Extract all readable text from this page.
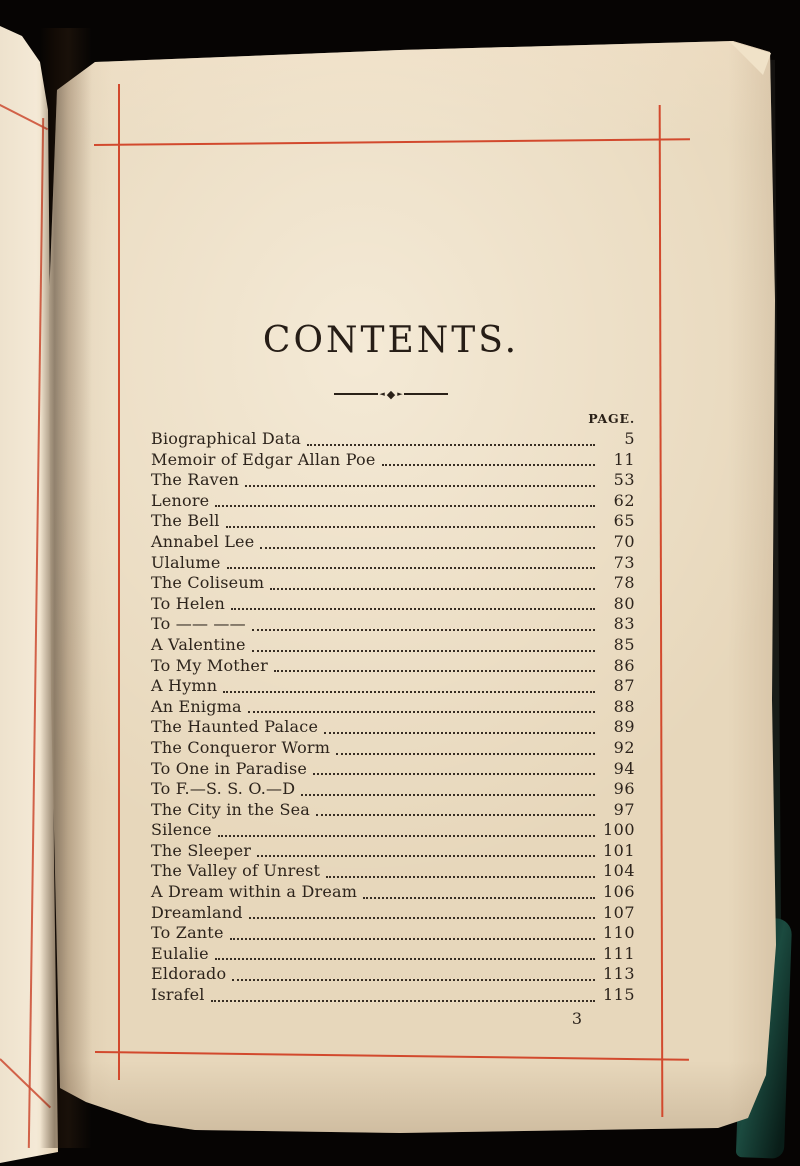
CONTENTS.
◄ ◆ ►
PAGE.
Biographical Data	5
Memoir of Edgar Allan Poe	11
The Raven	53
Lenore	62
The Bell	65
Annabel Lee	70
Ulalume	73
The Coliseum	78
To Helen	80
To —— ——	83
A Valentine	85
To My Mother	86
A Hymn	87
An Enigma	88
The Haunted Palace	89
The Conqueror Worm	92
To One in Paradise	94
To F.—S. S. O.—D	96
The City in the Sea	97
Silence	100
The Sleeper	101
The Valley of Unrest	104
A Dream within a Dream	106
Dreamland	107
To Zante	110
Eulalie	111
Eldorado	113
Israfel	115
3
